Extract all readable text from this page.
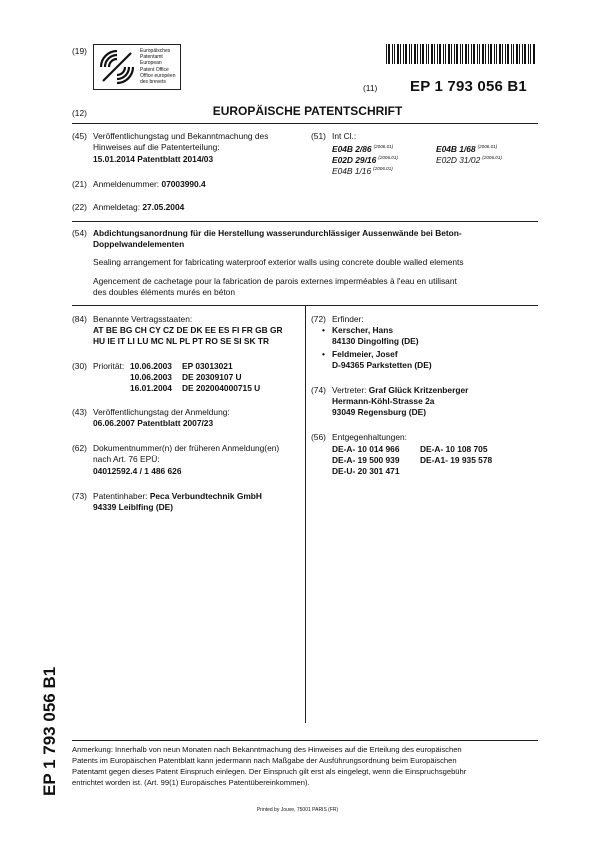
(19)	Europäisches
Patentamt
European
Patent Office
Office européen
des brevets
(11) EP 1 793 056 B1
(12)	EUROPÄISCHE PATENTSCHRIFT
(45) Veröffentlichungstag und Bekanntmachung des
Hinweises auf die Patenterteilung:
15.01.2014 Patentblatt 2014/03
(51) Int Cl.:
E04B 2/86 $^{(2006.01)}$	E04B 1/68 $^{(2006.01)}$
E02D 29/16 $^{(2006.01)}$	E02D 31/02 $^{(2006.01)}$
E04B 1/16 $^{(2006.01)}$
(21) Anmeldenummer: 07003990.4
(22) Anmeldetag: 27.05.2004
(54) Abdichtungsanordnung für die Herstellung wasserundurchlässiger Aussenwände bei Beton-
Doppelwandelementen
Sealing arrangement for fabricating waterproof exterior walls using concrete double walled elements
Agencement de cachetage pour la fabrication de parois externes imperméables à l'eau en utilisant
des doubles éléments murés en béton
(84) Benannte Vertragsstaaten:
AT BE BG CH CY CZ DE DK EE ES FI FR GB GR
HU IE IT LI LU MC NL PL PT RO SE SI SK TR
(30) Priorität: 10.06.2003 EP 03013021
10.06.2003 DE 20309107 U
16.01.2004 DE 202004000715 U
(43) Veröffentlichungstag der Anmeldung:
06.06.2007 Patentblatt 2007/23
(62) Dokumentnummer(n) der früheren Anmeldung(en)
nach Art. 76 EPÜ:
04012592.4 / 1 486 626
(73) Patentinhaber: Peca Verbundtechnik GmbH
94339 Leiblfing (DE)
(72) Erfinder:
• Kerscher, Hans
84130 Dingolfing (DE)
• Feldmeier, Josef
D-94365 Parkstetten (DE)
(74) Vertreter: Graf Glück Kritzenberger
Hermann-Köhl-Strasse 2a
93049 Regensburg (DE)
(56) Entgegenhaltungen:
DE-A- 10 014 966 DE-A- 10 108 705
DE-A- 19 500 939 DE-A1- 19 935 578
DE-U- 20 301 471
EP 1 793 056 B1 Anmerkung: Innerhalb von neun Monaten nach Bekanntmachung des Hinweises auf die Erteilung des europäischen
Patents im Europäischen Patentblatt kann jedermann nach Maßgabe der Ausführungsordnung beim Europäischen
Patentamt gegen dieses Patent Einspruch einlegen. Der Einspruch gilt erst als eingelegt, wenn die Einspruchsgebühr
entrichtet worden ist. (Art. 99(1) Europäisches Patentübereinkommen).
Printed by Jouve, 75001 PARIS (FR)
